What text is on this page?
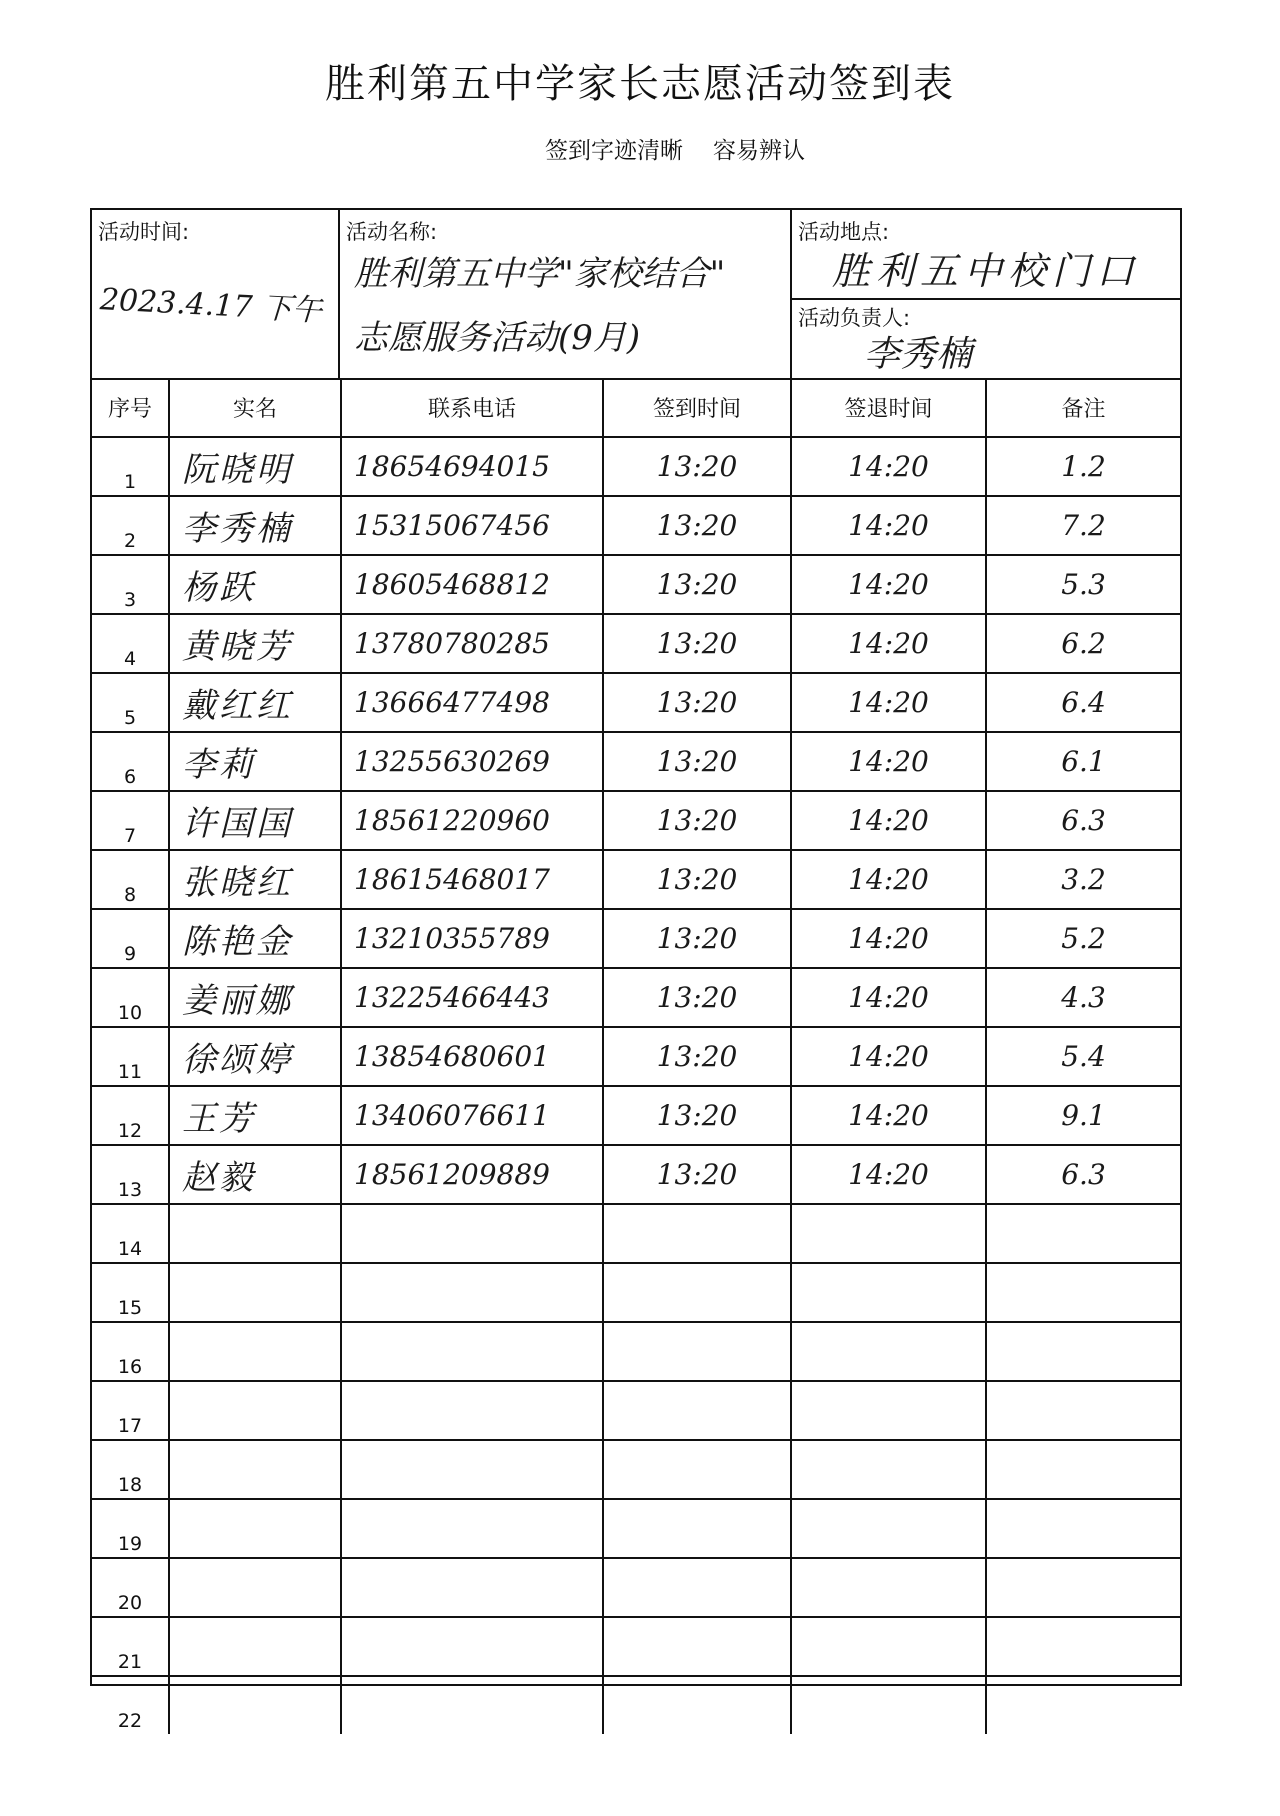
胜利第五中学家长志愿活动签到表
签到字迹清晰 容易辨认
活动时间:
2023.4.17 下午
活动名称:
胜利第五中学"家校结合"
志愿服务活动(9月)
活动地点:
胜利五中校门口
活动负责人:
李秀楠
序号	实名	联系电话	签到时间	签退时间	备注
1	阮晓明	18654694015	13:20	14:20	1.2
2	李秀楠	15315067456	13:20	14:20	7.2
3	杨跃	18605468812	13:20	14:20	5.3
4	黄晓芳	13780780285	13:20	14:20	6.2
5	戴红红	13666477498	13:20	14:20	6.4
6	李莉	13255630269	13:20	14:20	6.1
7	许国国	18561220960	13:20	14:20	6.3
8	张晓红	18615468017	13:20	14:20	3.2
9	陈艳金	13210355789	13:20	14:20	5.2
10	姜丽娜	13225466443	13:20	14:20	4.3
11	徐颂婷	13854680601	13:20	14:20	5.4
12	王芳	13406076611	13:20	14:20	9.1
13	赵毅	18561209889	13:20	14:20	6.3
14					
15					
16					
17					
18					
19					
20					
21					
22					
